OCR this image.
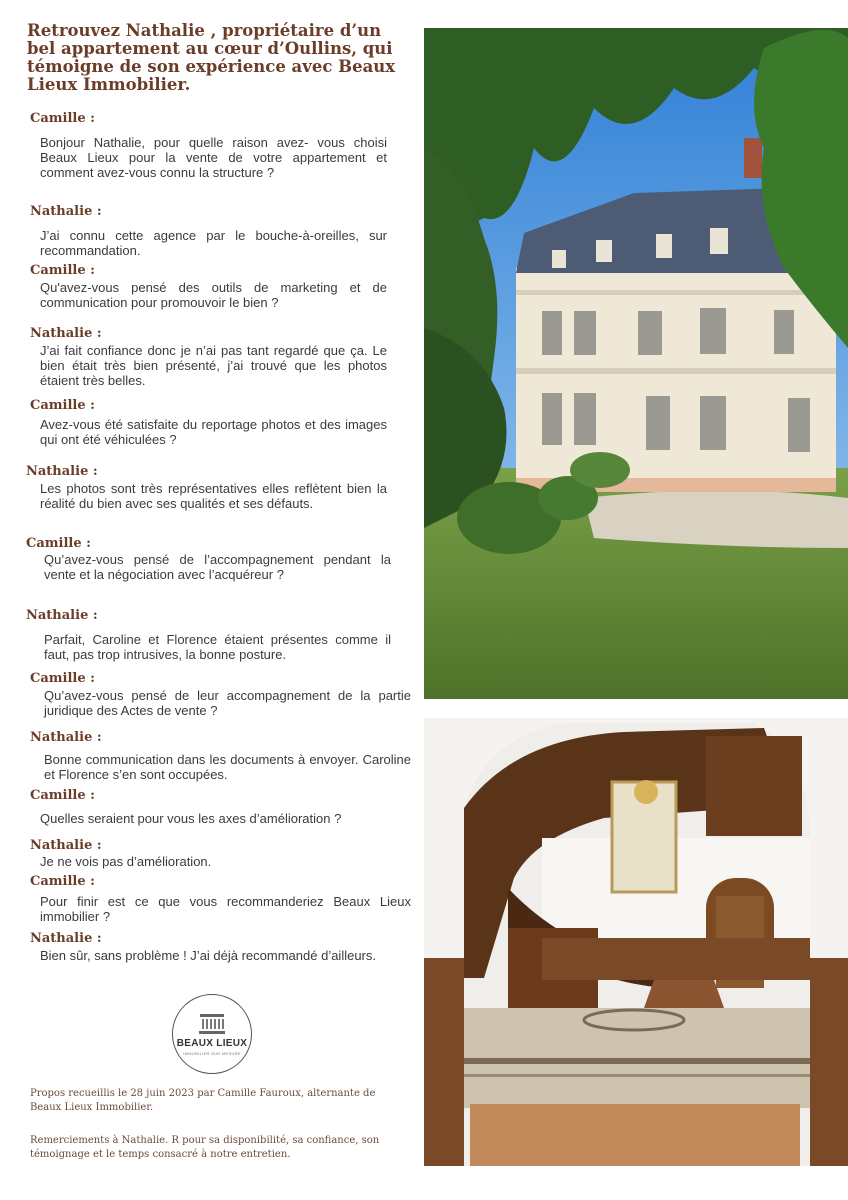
Retrouvez Nathalie , propriétaire d’un bel appartement au cœur d’Oullins, qui témoigne de son expérience avec Beaux Lieux Immobilier.
Camille :
Bonjour Nathalie, pour quelle raison avez- vous choisi Beaux Lieux pour la vente de votre appartement et comment avez-vous connu la structure ?
Nathalie :
J’ai connu cette agence par le bouche-à-oreilles, sur recommandation.
Camille :
Qu'avez-vous pensé des outils de marketing et de communication pour promouvoir le bien ?
Nathalie :
J’ai fait confiance donc je n’ai pas tant regardé que ça. Le bien était très bien présenté, j’ai trouvé que les photos étaient très belles.
Camille :
Avez-vous été satisfaite du reportage photos et des images qui ont été véhiculées ?
Nathalie :
Les photos sont très représentatives elles reflètent bien la réalité du bien avec ses qualités et ses défauts.
Camille :
Qu’avez-vous pensé de l’accompagnement pendant la vente et la négociation avec l’acquéreur ?
Nathalie :
Parfait, Caroline et Florence étaient présentes comme il faut, pas trop intrusives, la bonne posture.
Camille :
Qu’avez-vous pensé de leur accompagnement de la partie juridique des Actes de vente ?
Nathalie :
Bonne communication dans les documents à envoyer. Caroline et Florence s’en sont occupées.
Camille :
Quelles seraient pour vous les axes d’amélioration ?
Nathalie :
Je ne vois pas d’amélioration.
Camille :
Pour finir est ce que vous recommanderiez Beaux Lieux immobilier ?
Nathalie :
Bien sûr, sans problème ! J’ai déjà recommandé d’ailleurs.
BEAUX LIEUX
IMMOBILIER SUR MESURE

Propos recueillis le 28 juin 2023 par Camille Fauroux, alternante de Beaux Lieux Immobilier.

Remerciements à Nathalie. R pour sa disponibilité, sa confiance, son témoignage et le temps consacré à notre entretien.
